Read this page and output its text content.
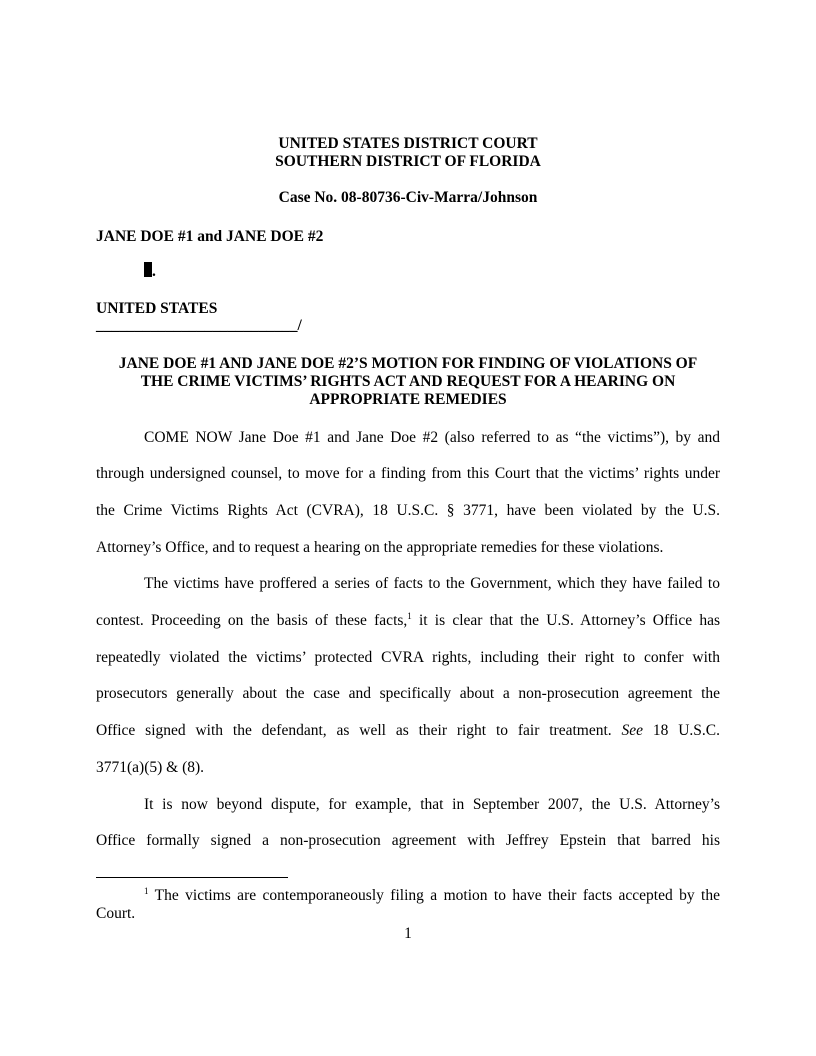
UNITED STATES DISTRICT COURT

SOUTHERN DISTRICT OF FLORIDA

Case No. 08-80736-Civ-Marra/Johnson

JANE DOE #1 and JANE DOE #2

.

UNITED STATES

__________________________/

JANE DOE #1 AND JANE DOE #2’S MOTION FOR FINDING OF VIOLATIONS OF

THE CRIME VICTIMS’ RIGHTS ACT AND REQUEST FOR A HEARING ON

APPROPRIATE REMEDIES

COME NOW Jane Doe #1 and Jane Doe #2 (also referred to as “the victims”), by and

through undersigned counsel, to move for a finding from this Court that the victims’ rights under

the Crime Victims Rights Act (CVRA), 18 U.S.C. § 3771, have been violated by the U.S.

Attorney’s Office, and to request a hearing on the appropriate remedies for these violations.

The victims have proffered a series of facts to the Government, which they have failed to

contest. Proceeding on the basis of these facts,$^1$ it is clear that the U.S. Attorney’s Office has

repeatedly violated the victims’ protected CVRA rights, including their right to confer with

prosecutors generally about the case and specifically about a non-prosecution agreement the

Office signed with the defendant, as well as their right to fair treatment. See 18 U.S.C.

3771(a)(5) & (8).

It is now beyond dispute, for example, that in September 2007, the U.S. Attorney’s

Office formally signed a non-prosecution agreement with Jeffrey Epstein that barred his

$^1$ The victims are contemporaneously filing a motion to have their facts accepted by the

Court.

1
